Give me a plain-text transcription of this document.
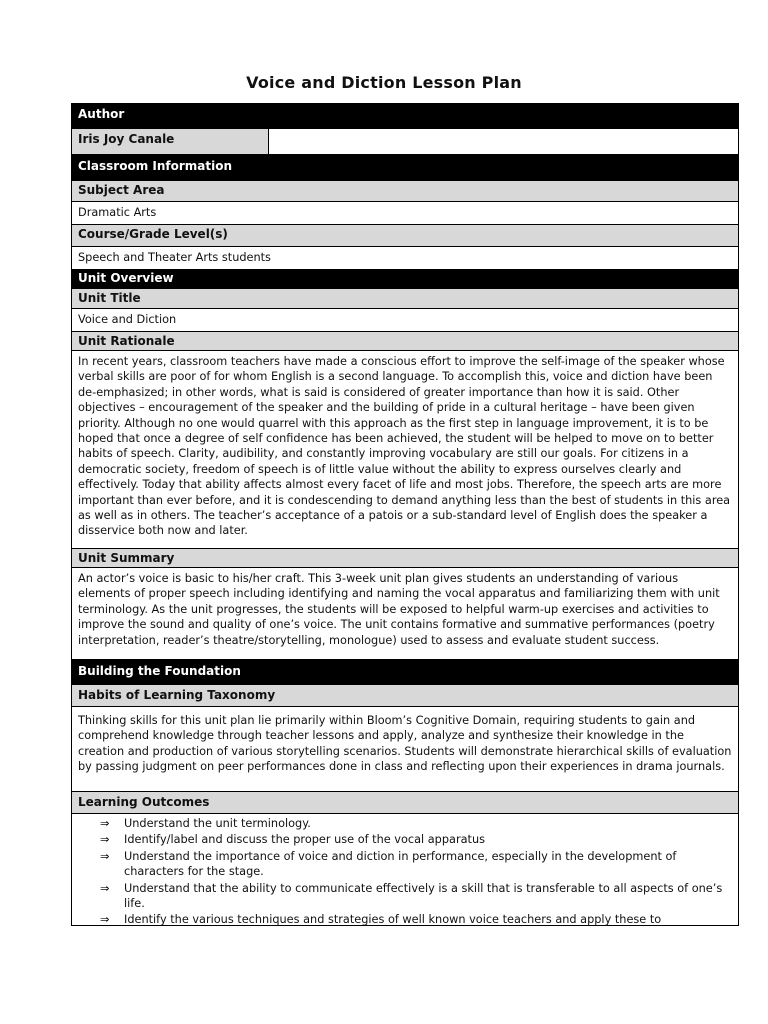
Voice and Diction Lesson Plan
Author
Iris Joy Canale
Classroom Information
Subject Area
Dramatic Arts
Course/Grade Level(s)
Speech and Theater Arts students
Unit Overview
Unit Title
Voice and Diction
Unit Rationale
In recent years, classroom teachers have made a conscious effort to improve the self-image of the speaker whose verbal skills are poor of for whom English is a second language. To accomplish this, voice and diction have been de-emphasized; in other words, what is said is considered of greater importance than how it is said. Other objectives – encouragement of the speaker and the building of pride in a cultural heritage – have been given priority. Although no one would quarrel with this approach as the first step in language improvement, it is to be hoped that once a degree of self confidence has been achieved, the student will be helped to move on to better habits of speech. Clarity, audibility, and constantly improving vocabulary are still our goals. For citizens in a democratic society, freedom of speech is of little value without the ability to express ourselves clearly and effectively. Today that ability affects almost every facet of life and most jobs. Therefore, the speech arts are more important than ever before, and it is condescending to demand anything less than the best of students in this area as well as in others. The teacher’s acceptance of a patois or a sub-standard level of English does the speaker a disservice both now and later.
Unit Summary
An actor’s voice is basic to his/her craft. This 3-week unit plan gives students an understanding of various elements of proper speech including identifying and naming the vocal apparatus and familiarizing them with unit terminology. As the unit progresses, the students will be exposed to helpful warm-up exercises and activities to improve the sound and quality of one’s voice. The unit contains formative and summative performances (poetry interpretation, reader’s theatre/storytelling, monologue) used to assess and evaluate student success.
Building the Foundation
Habits of Learning Taxonomy
Thinking skills for this unit plan lie primarily within Bloom’s Cognitive Domain, requiring students to gain and comprehend knowledge through teacher lessons and apply, analyze and synthesize their knowledge in the creation and production of various storytelling scenarios. Students will demonstrate hierarchical skills of evaluation by passing judgment on peer performances done in class and reflecting upon their experiences in drama journals.
Learning Outcomes
⇒ Understand the unit terminology.
⇒ Identify/label and discuss the proper use of the vocal apparatus
⇒ Understand the importance of voice and diction in performance, especially in the development of characters for the stage.
⇒ Understand that the ability to communicate effectively is a skill that is transferable to all aspects of one’s life.
⇒ Identify the various techniques and strategies of well known voice teachers and apply these to
